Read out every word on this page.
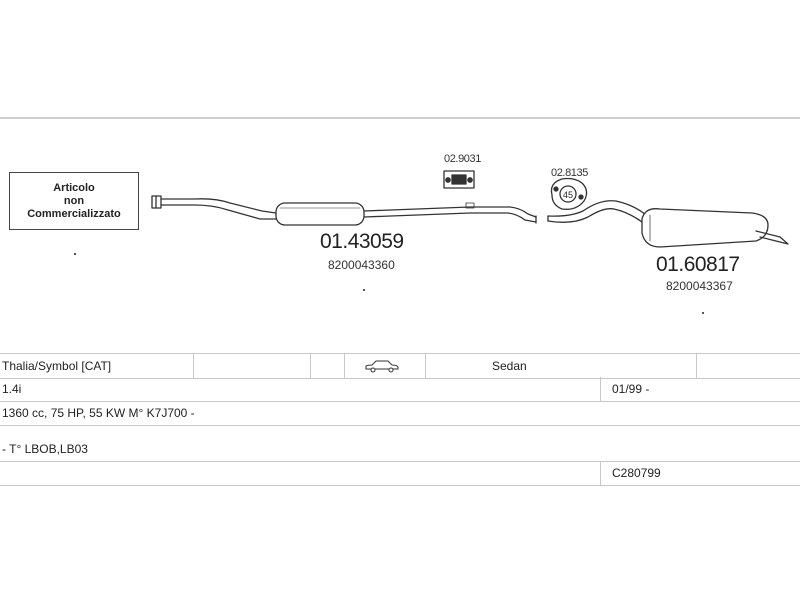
Articolo
non
Commercializzato
45
02.9031
02.8135
01.43059
8200043360	01.60817
8200043367
Thalia/Symbol [CAT]	Sedan
1.4i	01/99 -
1360 cc, 75 HP, 55 KW M° K7J700 -
- T° LBOB,LB03
C280799
